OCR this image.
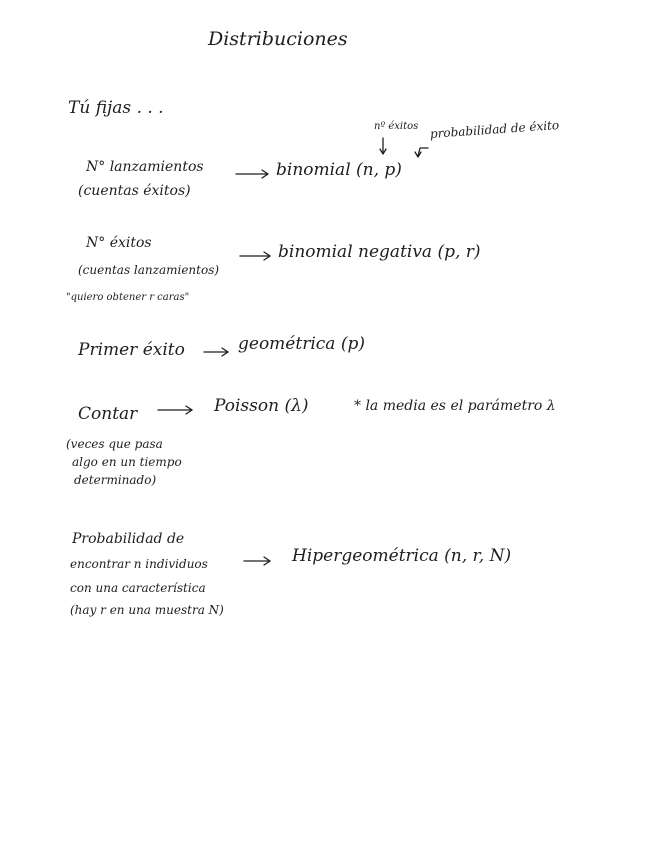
Distribuciones
Tú fijas . . .
nº éxitos probabilidad de éxito
N° lanzamientos
(cuentas éxitos)
binomial (n, p)
N° éxitos
(cuentas lanzamientos)
"quiero obtener r caras"
binomial negativa (p, r)
Primer éxito	geométrica (p)
Contar	Poisson (λ)	* la media es el parámetro λ
(veces que pasa
algo en un tiempo
determinado)
Probabilidad de
encontrar n individuos
con una característica
(hay r en una muestra N)
Hipergeométrica (n, r, N)
